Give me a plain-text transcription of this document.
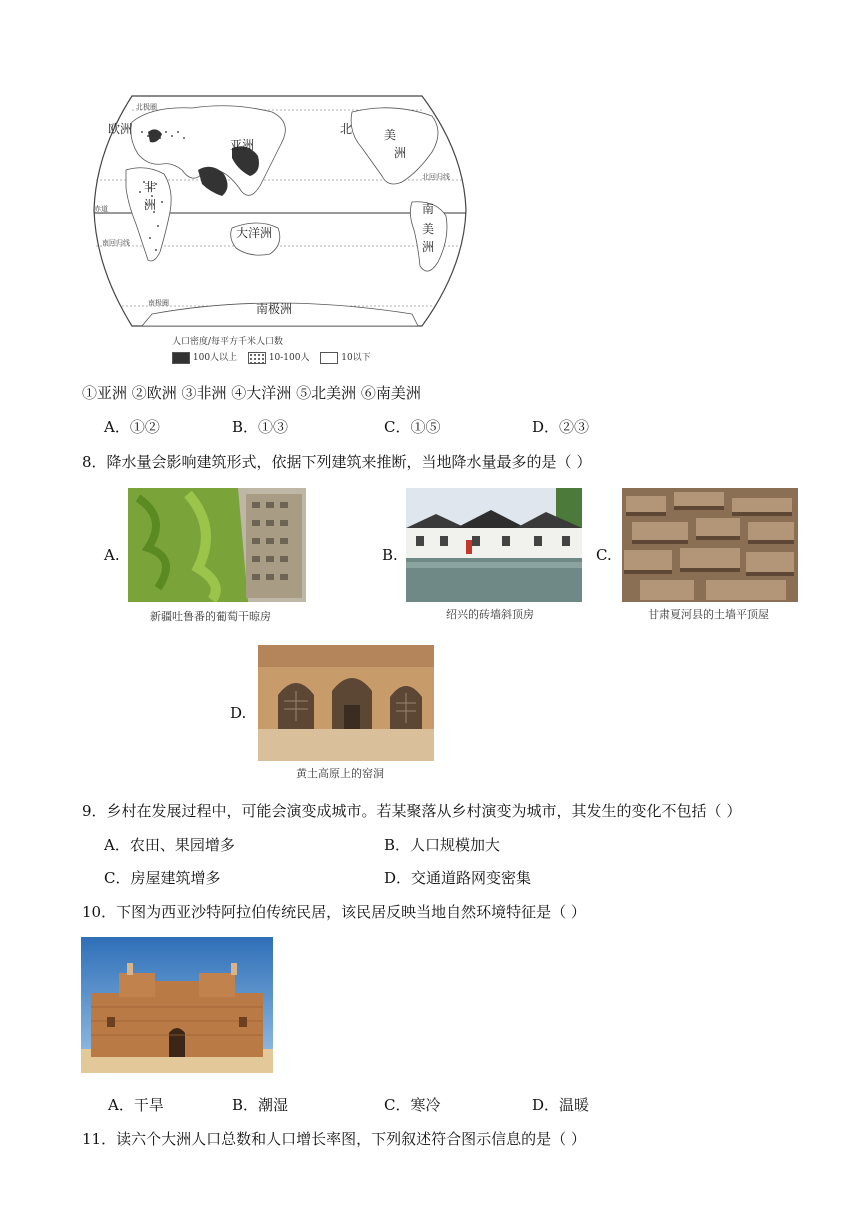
欧洲
亚洲
非
洲
北	美
洲
南
美
洲
大洋洲
南极洲
北极圈
北回归线
赤道
南回归线
南极圈
人口密度/每平方千米人口数
100人以上	10-100人	10以下
①亚洲 ②欧洲 ③非洲 ④大洋洲 ⑤北美洲 ⑥南美洲
A．①②	B．①③	C．①⑤	D．②③
8．降水量会影响建筑形式，依据下列建筑来推断，当地降水量最多的是（ ）
A.
新疆吐鲁番的葡萄干晾房
B.
绍兴的砖墙斜顶房
C.
甘肃夏河县的土墙平顶屋
D.
黄土高原上的窑洞
9．乡村在发展过程中，可能会演变成城市。若某聚落从乡村演变为城市，其发生的变化不包括（ ）
A．农田、果园增多	B．人口规模加大
C．房屋建筑增多	D．交通道路网变密集
10．下图为西亚沙特阿拉伯传统民居，该民居反映当地自然环境特征是（ ）
A．干旱	B．潮湿	C．寒冷	D．温暖
11．读六个大洲人口总数和人口增长率图，下列叙述符合图示信息的是（ ）
